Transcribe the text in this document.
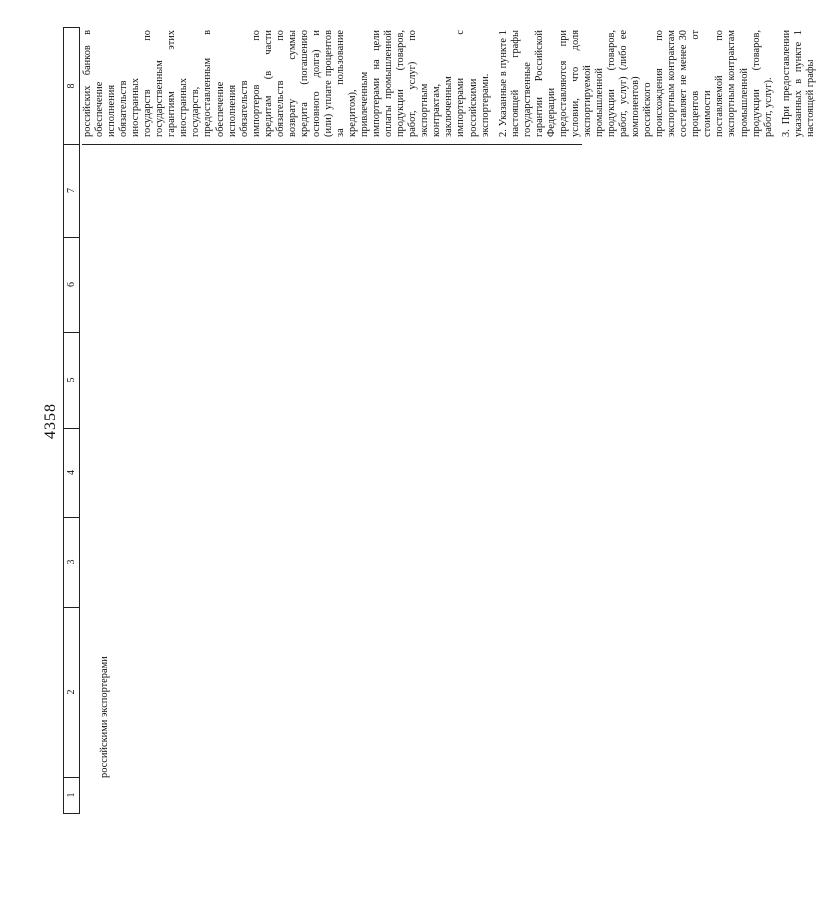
4358
1
2
3
4
5
6
7
8
российскими экспортерами

российских банков в обеспечение исполнения обязательств иностранных государств по государственным гарантиям этих иностранных государств, предоставленным в обеспечение исполнения обязательств импортеров по кредитам (в части обязательств по возврату суммы кредита (погашению основного долга) и (или) уплате процентов за пользование кредитом), привлеченным импортерами на цели оплаты промышленной продукции (товаров, работ, услуг) по экспортным контрактам, заключенным импортерами с российскими экспортерами. 2. Указанные в пункте 1 настоящей графы государственные гарантии Российской Федерации предоставляются при условии, что доля экспортируемой промышленной продукции (товаров, работ, услуг) (либо ее компонентов) российского происхождения по экспортным контрактам составляет не менее 30 процентов от стоимости поставляемой по экспортным контрактам промышленной продукции (товаров, работ, услуг). 3. При предоставлении указанных в пункте 1 настоящей графы
